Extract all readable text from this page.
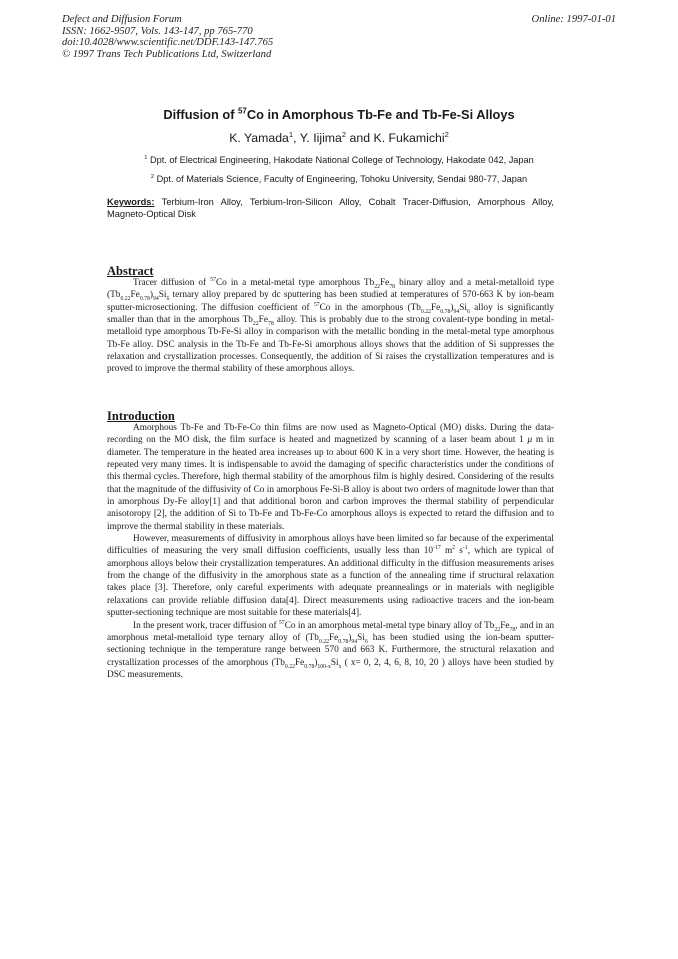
Defect and Diffusion Forum
ISSN: 1662-9507, Vols. 143-147, pp 765-770
doi:10.4028/www.scientific.net/DDF.143-147.765
© 1997 Trans Tech Publications Ltd, Switzerland
Online: 1997-01-01
Diffusion of $^{57}$Co in Amorphous Tb-Fe and Tb-Fe-Si Alloys
K. Yamada$^1$, Y. Iijima$^2$ and K. Fukamichi$^2$
$^1$ Dpt. of Electrical Engineering, Hakodate National College of Technology, Hakodate 042, Japan
$^2$ Dpt. of Materials Science, Faculty of Engineering, Tohoku University, Sendai 980-77, Japan
Keywords: Terbium-Iron Alloy, Terbium-Iron-Silicon Alloy, Cobalt Tracer-Diffusion, Amorphous Alloy, Magneto-Optical Disk
Abstract

Tracer diffusion of $^{57}$Co in a metal-metal type amorphous $Tb_{22}Fe_{78}$ binary alloy and a metal-metalloid type $(Tb_{0.22}Fe_{0.78})_{94}Si_6$ ternary alloy prepared by dc sputtering has been studied at temperatures of 570-663 K by ion-beam sputter-microsectioning. The diffusion coefficient of $^{57}$Co in the amorphous $(Tb_{0.22}Fe_{0.78})_{94}Si_6$ alloy is significantly smaller than that in the amorphous $Tb_{22}Fe_{78}$ alloy. This is probably due to the strong covalent-type bonding in metal-metalloid type amorphous Tb-Fe-Si alloy in comparison with the metallic bonding in the metal-metal type amorphous Tb-Fe alloy. DSC analysis in the Tb-Fe and Tb-Fe-Si amorphous alloys shows that the addition of Si suppresses the relaxation and crystallization processes. Consequently, the addition of Si raises the crystallization temperatures and is proved to improve the thermal stability of these amorphous alloys.

Introduction

Amorphous Tb-Fe and Tb-Fe-Co thin films are now used as Magneto-Optical (MO) disks. During the data-recording on the MO disk, the film surface is heated and magnetized by scanning of a laser beam about 1 μ m in diameter. The temperature in the heated area increases up to about 600 K in a very short time. However, the heating is repeated very many times. It is indispensable to avoid the damaging of specific characteristics under the conditions of this thermal cycles. Therefore, high thermal stability of the amorphous film is highly desired. Considering of the results that the magnitude of the diffusivity of Co in amorphous Fe-Si-B alloy is about two orders of magnitude lower than that in amorphous Dy-Fe alloy[1] and that additional boron and carbon improves the thermal stability of perpendicular anisotoropy [2], the addition of Si to Tb-Fe and Tb-Fe-Co amorphous alloys is expected to retard the diffusion and to improve the thermal stability in these materials.

However, measurements of diffusivity in amorphous alloys have been limited so far because of the experimental difficulties of measuring the very small diffusion coefficients, usually less than $10^{-17}$ $m^2$ $s^{-1}$, which are typical of amorphous alloys below their crystallization temperatures. An additional difficulty in the diffusion measurements arises from the change of the diffusivity in the amorphous state as a function of the annealing time if structural relaxation takes place [3]. Therefore, only careful experiments with adequate preannealings or in materials with negligible relaxations can provide reliable diffusion data[4]. Direct measurements using radioactive tracers and the ion-beam sputter-sectioning technique are most suitable for these materials[4].

In the present work, tracer diffusion of $^{57}$Co in an amorphous metal-metal type binary alloy of $Tb_{22}Fe_{78}$, and in an amorphous metal-metalloid type ternary alloy of $(Tb_{0.22}Fe_{0.78})_{94}Si_6$ has been studied using the ion-beam sputter-sectioning technique in the temperature range between 570 and 663 K. Furthermore, the structural relaxation and crystallization processes of the amorphous $(Tb_{0.22}Fe_{0.78})_{100-x}Si_x$ ( x= 0, 2, 4, 6, 8, 10, 20 ) alloys have been studied by DSC measurements.
